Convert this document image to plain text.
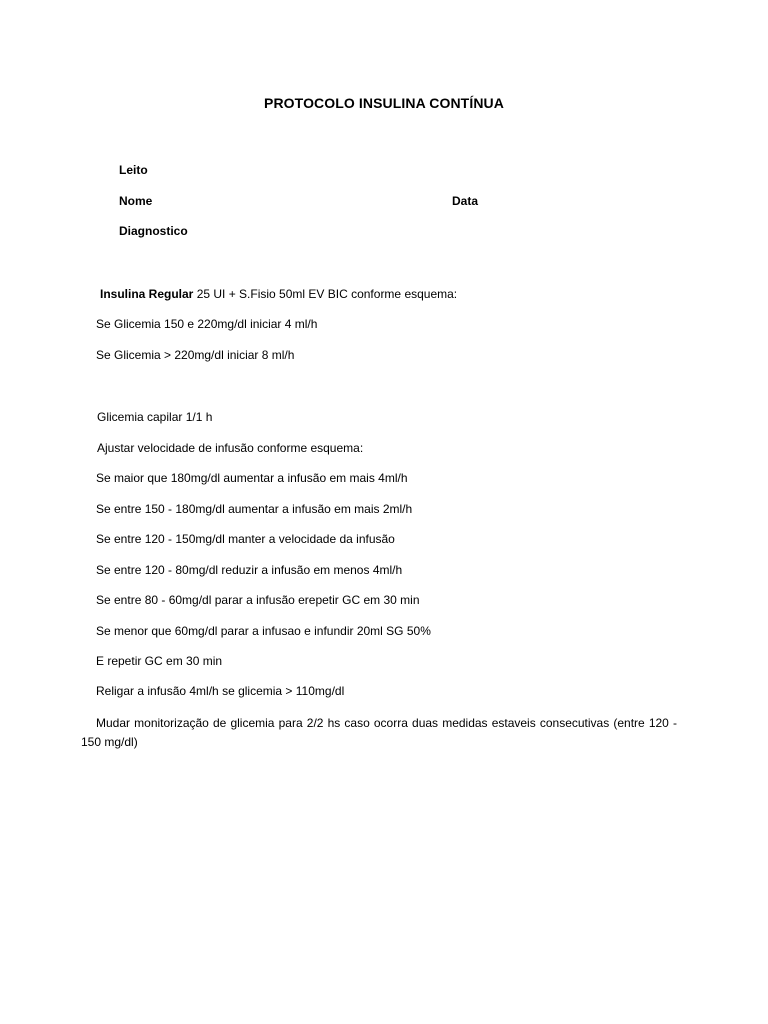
PROTOCOLO INSULINA CONTÍNUA
Leito
Nome	Data
Diagnostico
Insulina Regular 25 UI + S.Fisio 50ml EV BIC conforme esquema:
Se Glicemia 150 e 220mg/dl iniciar 4 ml/h
Se Glicemia > 220mg/dl iniciar 8 ml/h
Glicemia capilar 1/1 h
Ajustar velocidade de infusão conforme esquema:
Se maior que 180mg/dl aumentar a infusão em mais 4ml/h
Se entre 150 - 180mg/dl aumentar a infusão em mais 2ml/h
Se entre 120 - 150mg/dl manter a velocidade da infusão
Se entre 120 - 80mg/dl reduzir a infusão em menos 4ml/h
Se entre 80 - 60mg/dl parar a infusão erepetir GC em 30 min
Se menor que 60mg/dl parar a infusao e infundir 20ml SG 50%
E repetir GC em 30 min
Religar a infusão 4ml/h se glicemia > 110mg/dl
Mudar monitorização de glicemia para 2/2 hs caso ocorra duas medidas estaveis consecutivas (entre 120 - 150 mg/dl)
